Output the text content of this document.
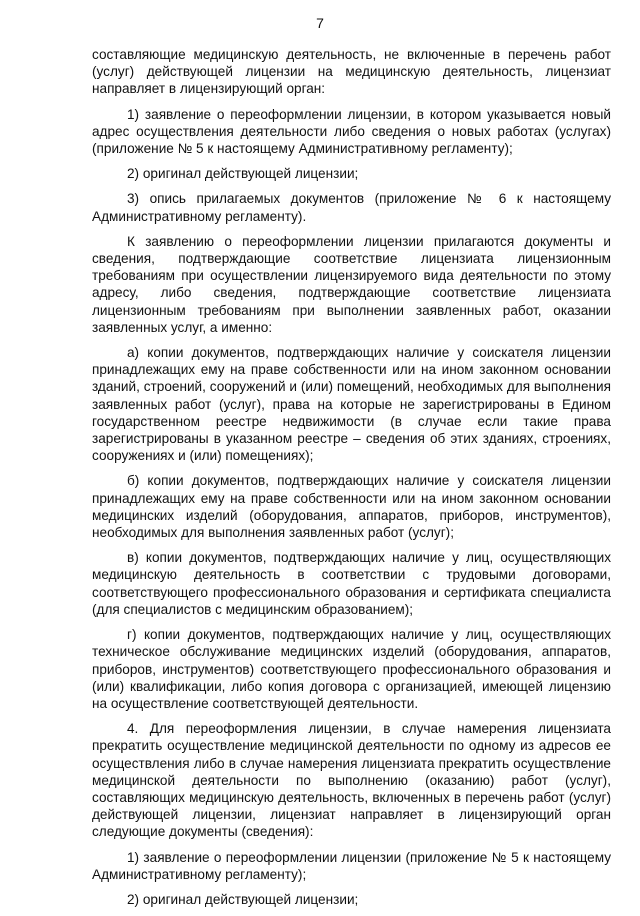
7

составляющие медицинскую деятельность, не включенные в перечень работ (услуг) действующей лицензии на медицинскую деятельность, лицензиат направляет в лицензирующий орган:

1) заявление о переоформлении лицензии, в котором указывается новый адрес осуществления деятельности либо сведения о новых работах (услугах) (приложение № 5 к настоящему Административному регламенту);

2) оригинал действующей лицензии;

3) опись прилагаемых документов (приложение № 6 к настоящему Административному регламенту).

К заявлению о переоформлении лицензии прилагаются документы и сведения, подтверждающие соответствие лицензиата лицензионным требованиям при осуществлении лицензируемого вида деятельности по этому адресу, либо сведения, подтверждающие соответствие лицензиата лицензионным требованиям при выполнении заявленных работ, оказании заявленных услуг, а именно:

а) копии документов, подтверждающих наличие у соискателя лицензии принадлежащих ему на праве собственности или на ином законном основании зданий, строений, сооружений и (или) помещений, необходимых для выполнения заявленных работ (услуг), права на которые не зарегистрированы в Едином государственном реестре недвижимости (в случае если такие права зарегистрированы в указанном реестре – сведения об этих зданиях, строениях, сооружениях и (или) помещениях);

б) копии документов, подтверждающих наличие у соискателя лицензии принадлежащих ему на праве собственности или на ином законном основании медицинских изделий (оборудования, аппаратов, приборов, инструментов), необходимых для выполнения заявленных работ (услуг);

в) копии документов, подтверждающих наличие у лиц, осуществляющих медицинскую деятельность в соответствии с трудовыми договорами, соответствующего профессионального образования и сертификата специалиста (для специалистов с медицинским образованием);

г) копии документов, подтверждающих наличие у лиц, осуществляющих техническое обслуживание медицинских изделий (оборудования, аппаратов, приборов, инструментов) соответствующего профессионального образования и (или) квалификации, либо копия договора с организацией, имеющей лицензию на осуществление соответствующей деятельности.

4. Для переоформления лицензии, в случае намерения лицензиата прекратить осуществление медицинской деятельности по одному из адресов ее осуществления либо в случае намерения лицензиата прекратить осуществление медицинской деятельности по выполнению (оказанию) работ (услуг), составляющих медицинскую деятельность, включенных в перечень работ (услуг) действующей лицензии, лицензиат направляет в лицензирующий орган следующие документы (сведения):

1) заявление о переоформлении лицензии (приложение № 5 к настоящему Административному регламенту);

2) оригинал действующей лицензии;
